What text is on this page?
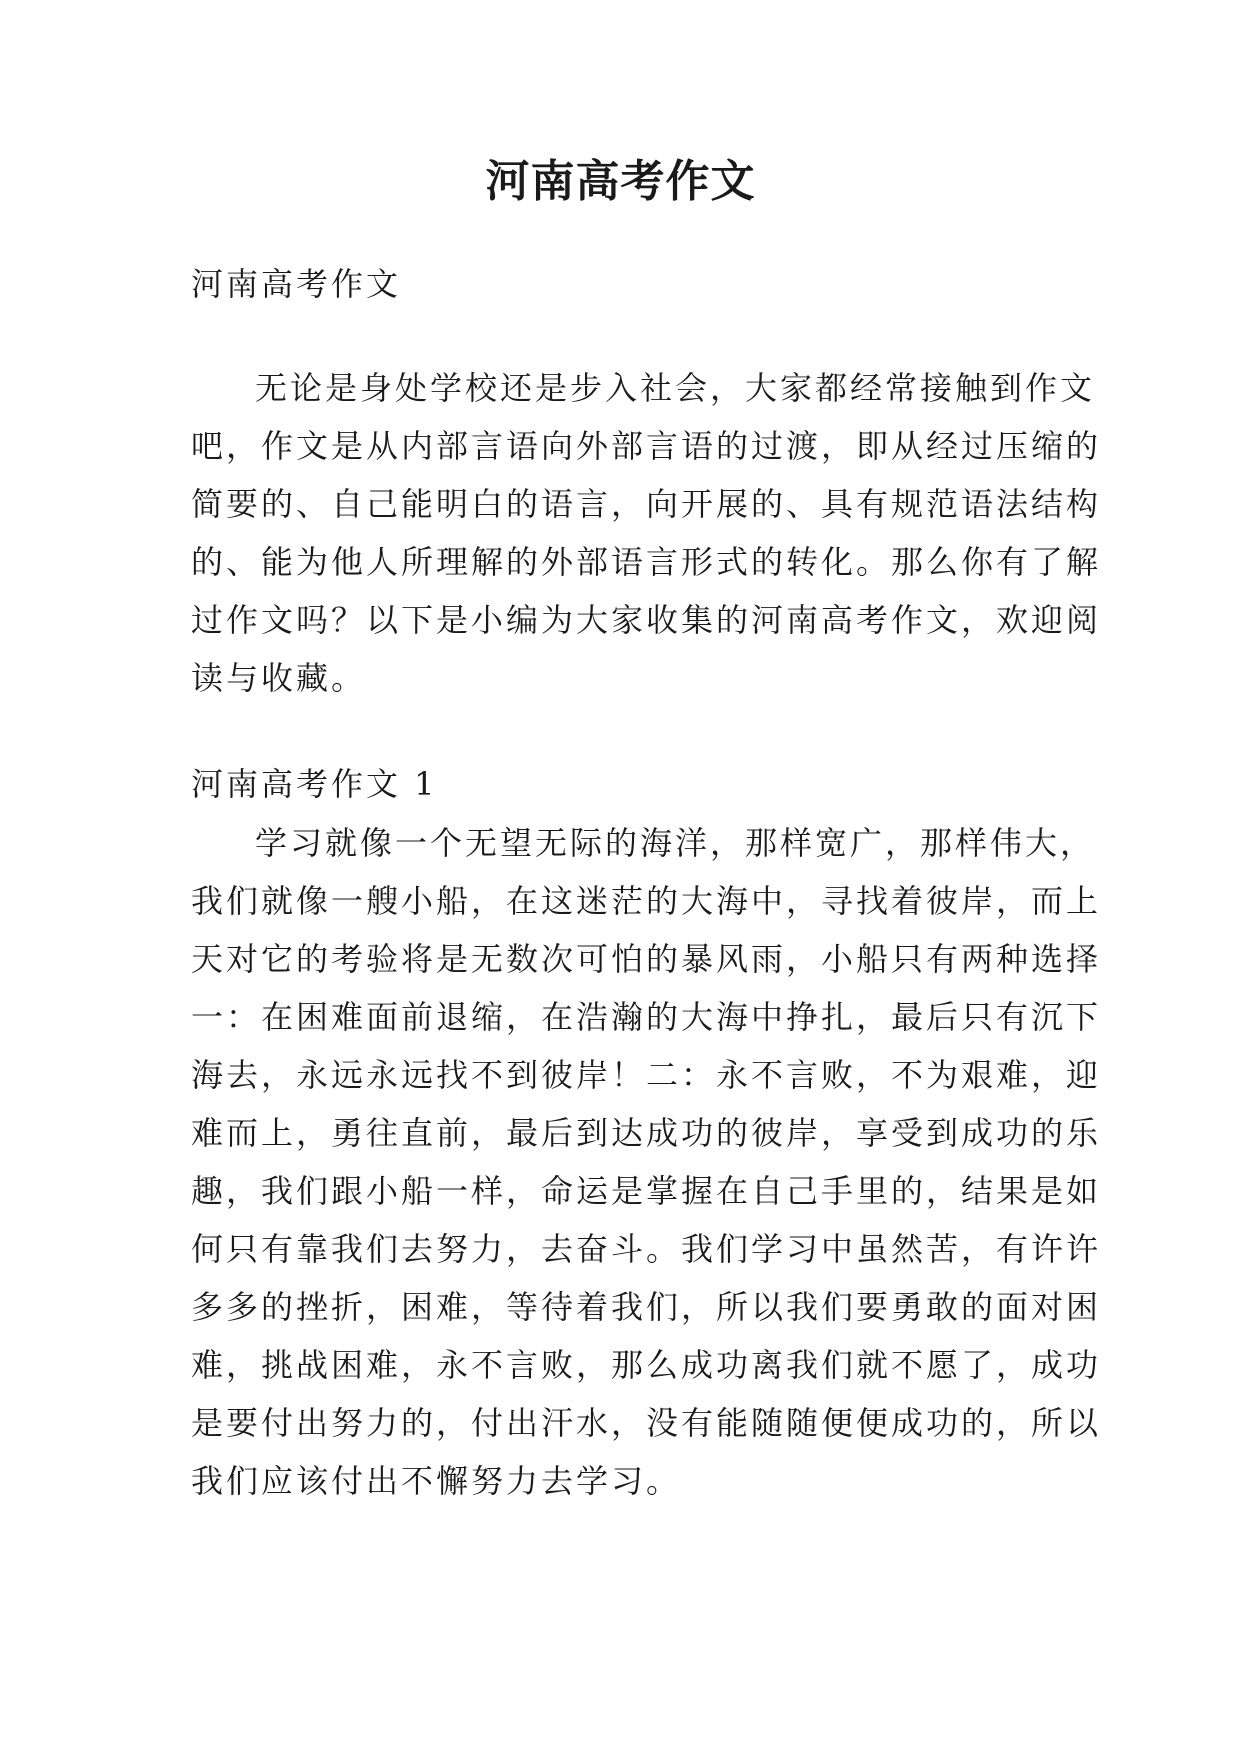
河南高考作文

河南高考作文

无论是身处学校还是步入社会，大家都经常接触到作文
吧，作文是从内部言语向外部言语的过渡，即从经过压缩的
简要的、自己能明白的语言，向开展的、具有规范语法结构
的、能为他人所理解的外部语言形式的转化。那么你有了解
过作文吗？以下是小编为大家收集的河南高考作文，欢迎阅
读与收藏。

河南高考作文 1

学习就像一个无望无际的海洋，那样宽广，那样伟大，
我们就像一艘小船，在这迷茫的大海中，寻找着彼岸，而上
天对它的考验将是无数次可怕的暴风雨，小船只有两种选择
一：在困难面前退缩，在浩瀚的大海中挣扎，最后只有沉下
海去，永远永远找不到彼岸！二：永不言败，不为艰难，迎
难而上，勇往直前，最后到达成功的彼岸，享受到成功的乐
趣，我们跟小船一样，命运是掌握在自己手里的，结果是如
何只有靠我们去努力，去奋斗。我们学习中虽然苦，有许许
多多的挫折，困难，等待着我们，所以我们要勇敢的面对困
难，挑战困难，永不言败，那么成功离我们就不愿了，成功
是要付出努力的，付出汗水，没有能随随便便成功的，所以
我们应该付出不懈努力去学习。
